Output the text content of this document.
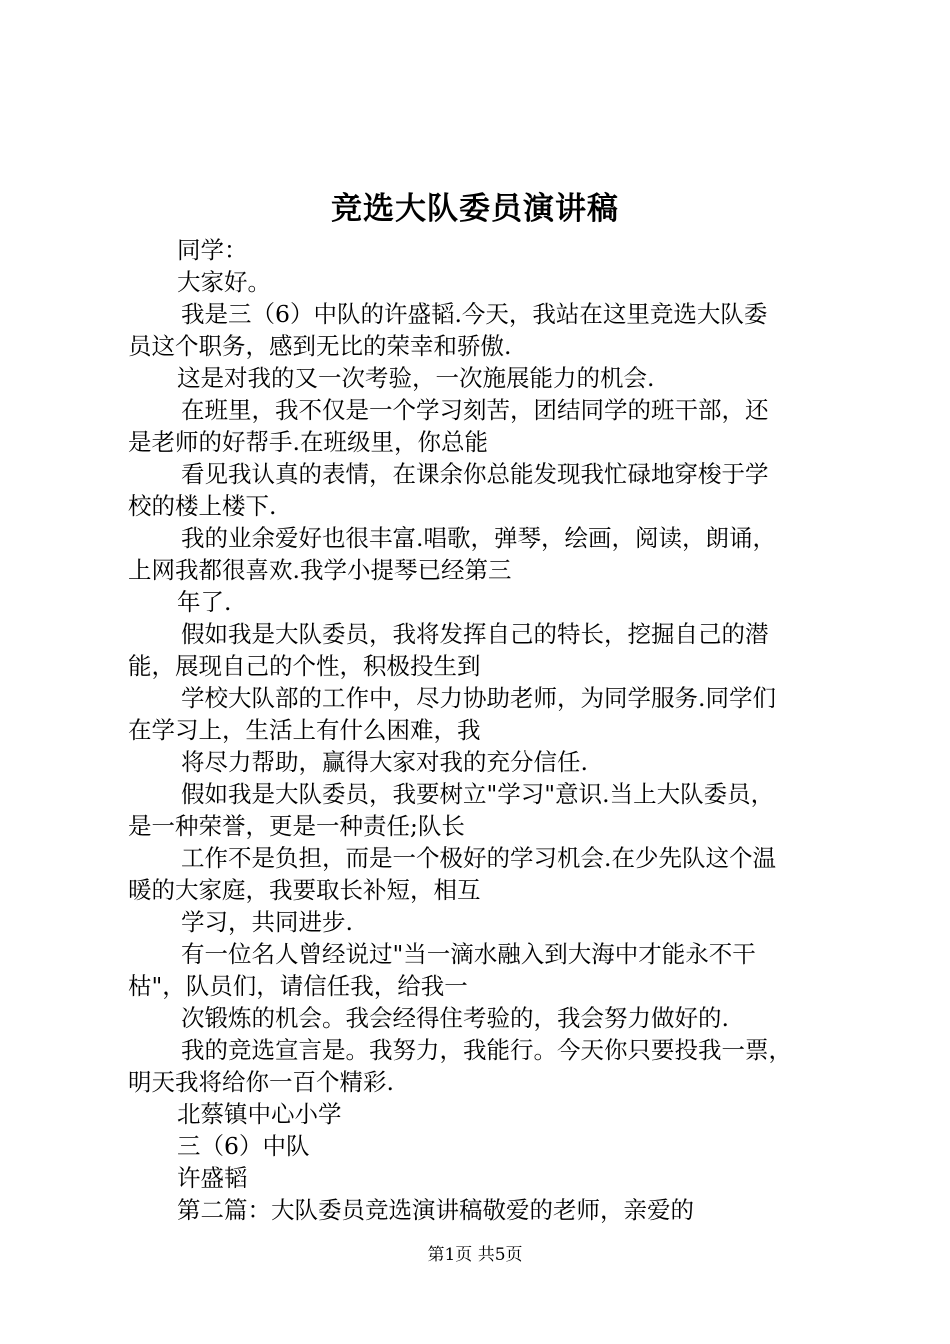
竞选大队委员演讲稿
同学：
大家好。
我是三（6）中队的许盛韬.今天，我站在这里竞选大队委
员这个职务，感到无比的荣幸和骄傲.
这是对我的又一次考验，一次施展能力的机会.
在班里，我不仅是一个学习刻苦，团结同学的班干部，还
是老师的好帮手.在班级里，你总能
看见我认真的表情，在课余你总能发现我忙碌地穿梭于学
校的楼上楼下.
我的业余爱好也很丰富.唱歌，弹琴，绘画，阅读，朗诵，
上网我都很喜欢.我学小提琴已经第三
年了.
假如我是大队委员，我将发挥自己的特长，挖掘自己的潜
能，展现自己的个性，积极投生到
学校大队部的工作中，尽力协助老师，为同学服务.同学们
在学习上，生活上有什么困难，我
将尽力帮助，赢得大家对我的充分信任.
假如我是大队委员，我要树立"学习"意识.当上大队委员，
是一种荣誉，更是一种责任;队长
工作不是负担，而是一个极好的学习机会.在少先队这个温
暖的大家庭，我要取长补短，相互
学习，共同进步.
有一位名人曾经说过"当一滴水融入到大海中才能永不干
枯"，队员们，请信任我，给我一
次锻炼的机会。我会经得住考验的，我会努力做好的.
我的竞选宣言是。我努力，我能行。今天你只要投我一票，
明天我将给你一百个精彩.
北蔡镇中心小学
三（6）中队
许盛韬
第二篇：大队委员竞选演讲稿敬爱的老师，亲爱的
第1页 共5页
